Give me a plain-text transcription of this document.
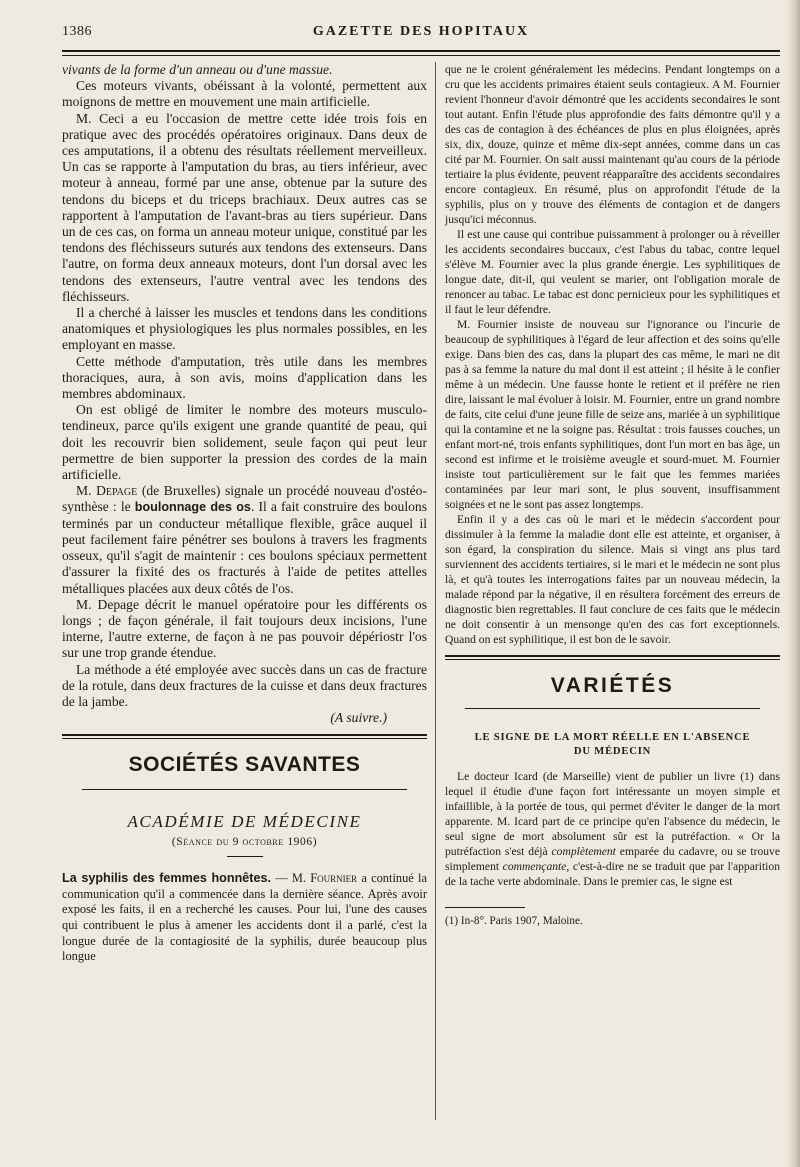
1386	GAZETTE DES HOPITAUX

vivants de la forme d'un anneau ou d'une massue.
Ces moteurs vivants, obéissant à la volonté, permettent aux moignons de mettre en mouvement une main artificielle.

M. Ceci a eu l'occasion de mettre cette idée trois fois en pratique avec des procédés opératoires originaux. Dans deux de ces amputations, il a obtenu des résultats réellement merveilleux. Un cas se rapporte à l'amputation du bras, au tiers inférieur, avec moteur à anneau, formé par une anse, obtenue par la suture des tendons du biceps et du triceps brachiaux. Deux autres cas se rapportent à l'amputation de l'avant-bras au tiers supérieur. Dans un de ces cas, on forma un anneau moteur unique, constitué par les tendons des fléchisseurs suturés aux tendons des extenseurs. Dans l'autre, on forma deux anneaux moteurs, dont l'un dorsal avec les tendons des extenseurs, l'autre ventral avec les tendons des fléchisseurs.

Il a cherché à laisser les muscles et tendons dans les conditions anatomiques et physiologiques les plus normales possibles, en les employant en masse.

Cette méthode d'amputation, très utile dans les membres thoraciques, aura, à son avis, moins d'application dans les membres abdominaux.

On est obligé de limiter le nombre des moteurs musculo-tendineux, parce qu'ils exigent une grande quantité de peau, qui doit les recouvrir bien solidement, seule façon qui peut leur permettre de bien supporter la pression des cordes de la main artificielle.

M. Depage (de Bruxelles) signale un procédé nouveau d'ostéo-synthèse : le boulonnage des os. Il a fait construire des boulons terminés par un conducteur métallique flexible, grâce auquel il peut facilement faire pénétrer ses boulons à travers les fragments osseux, qu'il s'agit de maintenir : ces boulons spéciaux permettent d'assurer la fixité des os fracturés à l'aide de petites attelles métalliques placées aux deux côtés de l'os.

M. Depage décrit le manuel opératoire pour les différents os longs ; de façon générale, il fait toujours deux incisions, l'une interne, l'autre externe, de façon à ne pas pouvoir dépériostr l'os sur une trop grande étendue.

La méthode a été employée avec succès dans un cas de fracture de la rotule, dans deux fractures de la cuisse et dans deux fractures de la jambe.

(A suivre.)

SOCIÉTÉS SAVANTES
ACADÉMIE DE MÉDECINE
(Séance du 9 octobre 1906)

La syphilis des femmes honnêtes. — M. Fournier a continué la communication qu'il a commencée dans la dernière séance. Après avoir exposé les faits, il en a recherché les causes. Pour lui, l'une des causes qui contribuent le plus à amener les accidents dont il a parlé, c'est la longue durée de la contagiosité de la syphilis, durée beaucoup plus longue

que ne le croient généralement les médecins. Pendant longtemps on a cru que les accidents primaires étaient seuls contagieux. A M. Fournier revient l'honneur d'avoir démontré que les accidents secondaires le sont tout autant. Enfin l'étude plus approfondie des faits démontre qu'il y a des cas de contagion à des échéances de plus en plus éloignées, après six, dix, douze, quinze et même dix-sept années, comme dans un cas cité par M. Fournier. On sait aussi maintenant qu'au cours de la période tertiaire la plus évidente, peuvent réapparaître des accidents secondaires encore contagieux. En résumé, plus on approfondit l'étude de la syphilis, plus on y trouve des éléments de contagion et de dangers jusqu'ici méconnus.

Il est une cause qui contribue puissamment à prolonger ou à réveiller les accidents secondaires buccaux, c'est l'abus du tabac, contre lequel s'élève M. Fournier avec la plus grande énergie. Les syphilitiques de longue date, dit-il, qui veulent se marier, ont l'obligation morale de renoncer au tabac. Le tabac est donc pernicieux pour les syphilitiques et il faut le leur défendre.

M. Fournier insiste de nouveau sur l'ignorance ou l'incurie de beaucoup de syphilitiques à l'égard de leur affection et des soins qu'elle exige. Dans bien des cas, dans la plupart des cas même, le mari ne dit pas à sa femme la nature du mal dont il est atteint ; il hésite à le confier même à un médecin. Une fausse honte le retient et il préfère ne rien dire, laissant le mal évoluer à loisir. M. Fournier, entre un grand nombre de faits, cite celui d'une jeune fille de seize ans, mariée à un syphilitique qui la contamine et ne la soigne pas. Résultat : trois fausses couches, un enfant mort-né, trois enfants syphilitiques, dont l'un mort en bas âge, un second est infirme et le troisième aveugle et sourd-muet. M. Fournier insiste tout particulièrement sur le fait que les femmes mariées contaminées par leur mari sont, le plus souvent, insuffisamment soignées et ne le sont pas assez longtemps.

Enfin il y a des cas où le mari et le médecin s'accordent pour dissimuler à la femme la maladie dont elle est atteinte, et organiser, à son égard, la conspiration du silence. Mais si vingt ans plus tard surviennent des accidents tertiaires, si le mari et le médecin ne sont plus là, et qu'à toutes les interrogations faites par un nouveau médecin, la malade répond par la négative, il en résultera forcément des erreurs de diagnostic bien regrettables. Il faut conclure de ces faits que le médecin ne doit consentir à un mensonge qu'en des cas fort exceptionnels. Quand on est syphilitique, il est bon de le savoir.

VARIÉTÉS
LE SIGNE DE LA MORT RÉELLE EN L'ABSENCE
DU MÉDECIN

Le docteur Icard (de Marseille) vient de publier un livre (1) dans lequel il étudie d'une façon fort intéressante un moyen simple et infaillible, à la portée de tous, qui permet d'éviter le danger de la mort apparente. M. Icard part de ce principe qu'en l'absence du médecin, le seul signe de mort absolument sûr est la putréfaction. « Or la putréfaction s'est déjà complètement emparée du cadavre, ou se trouve simplement commençante, c'est-à-dire ne se traduit que par l'apparition de la tache verte abdominale. Dans le premier cas, le signe est

(1) In-8°. Paris 1907, Maloine.
